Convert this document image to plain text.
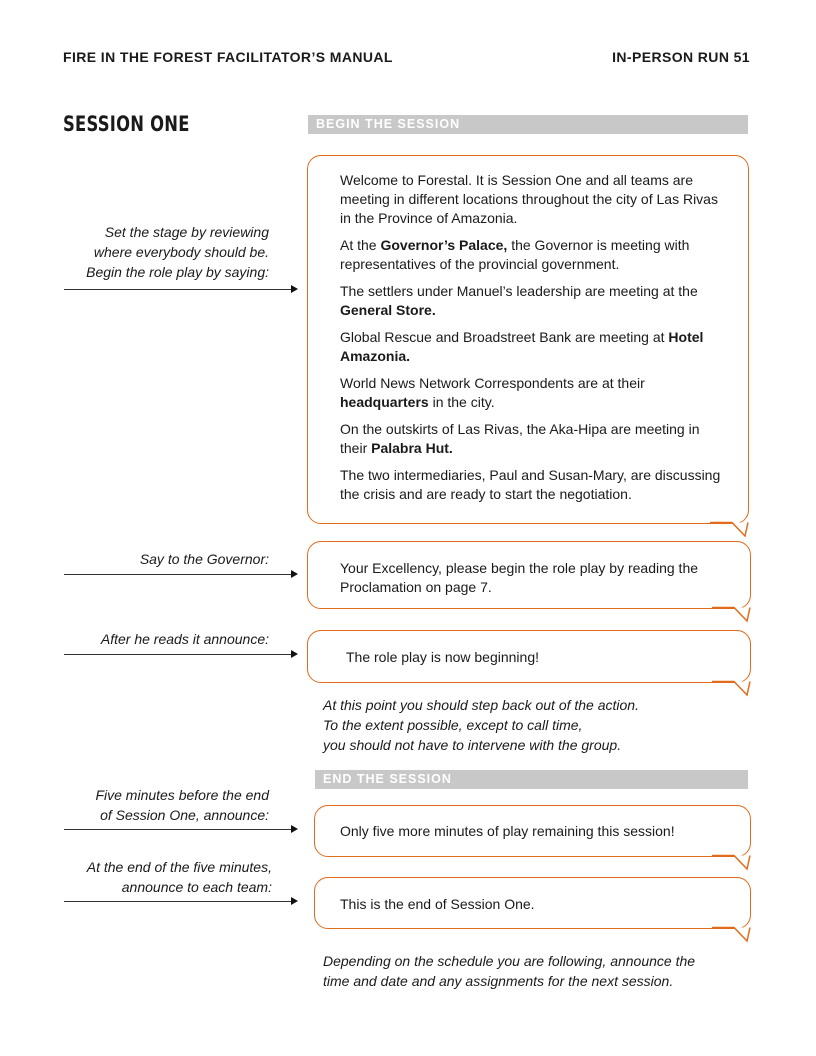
FIRE IN THE FOREST FACILITATOR’S MANUAL	IN-PERSON RUN 51
SESSION ONE	BEGIN THE SESSION
Set the stage by reviewing
where everybody should be.
Begin the role play by saying:

Welcome to Forestal. It is Session One and all teams are meeting in different locations throughout the city of Las Rivas in the Province of Amazonia.

At the Governor’s Palace, the Governor is meeting with representatives of the provincial government.

The settlers under Manuel’s leadership are meeting at the General Store.

Global Rescue and Broadstreet Bank are meeting at Hotel Amazonia.

World News Network Correspondents are at their headquarters in the city.

On the outskirts of Las Rivas, the Aka-Hipa are meeting in their Palabra Hut.

The two intermediaries, Paul and Susan-Mary, are discussing the crisis and are ready to start the negotiation.

Say to the Governor:

Your Excellency, please begin the role play by reading the Proclamation on page 7.

After he reads it announce:

The role play is now beginning!

At this point you should step back out of the action.
To the extent possible, except to call time,
you should not have to intervene with the group.
END THE SESSION
Five minutes before the end
of Session One, announce:

Only five more minutes of play remaining this session!

At the end of the five minutes,
announce to each team:

This is the end of Session One.

Depending on the schedule you are following, announce the
time and date and any assignments for the next session.
